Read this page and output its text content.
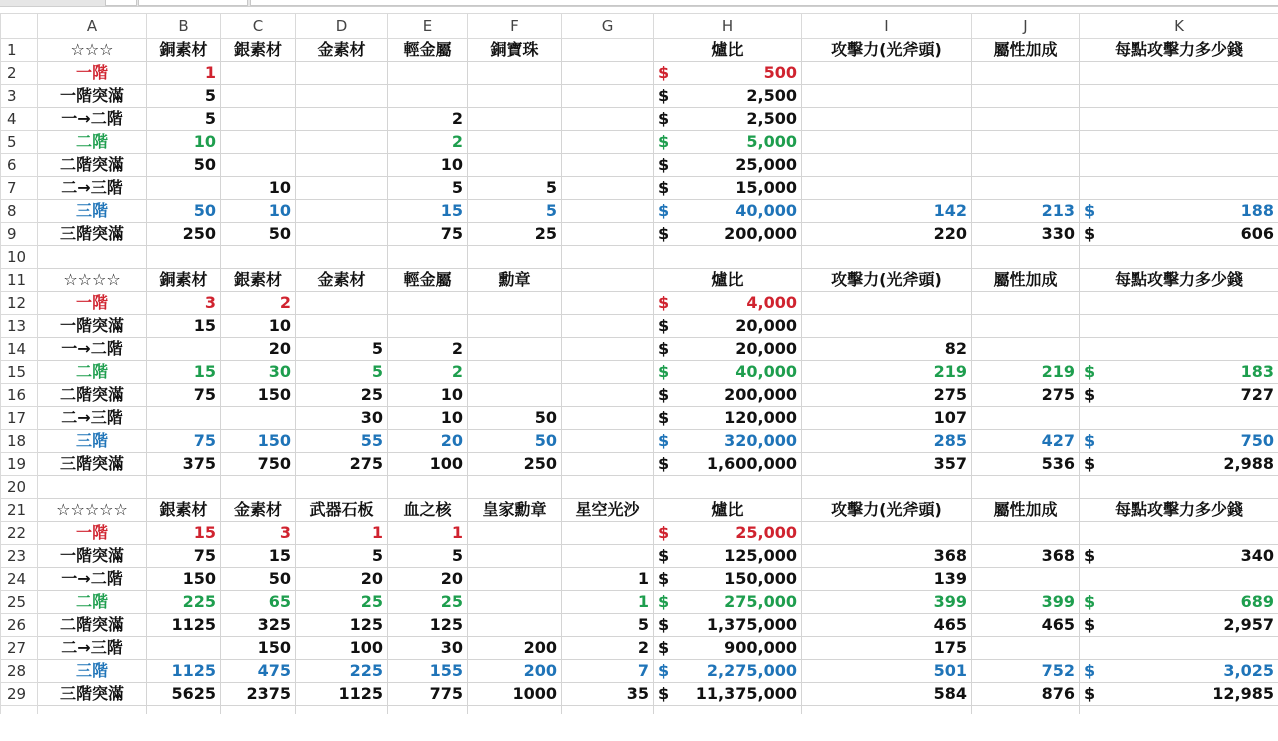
	A	B	C	D	E	F	G	H	I	J	K
1	☆☆☆	銅素材	銀素材	金素材	輕金屬	銅寶珠		爐比	攻擊力(光斧頭)	屬性加成	每點攻擊力多少錢
2	一階	1						$ 500			

3	一階突滿	5						$ 2,500			

4	一→二階	5			2			$ 2,500			

5	二階	10			2			$ 5,000			

6	二階突滿	50			10			$ 25,000			

7	二→三階		10		5	5		$ 15,000			

8	三階	50	10		15	5		$ 40,000	142	213	$ 188

9	三階突滿	250	50		75	25		$ 200,000	220	330	$ 606

10											
11	☆☆☆☆	銅素材	銀素材	金素材	輕金屬	勳章		爐比	攻擊力(光斧頭)	屬性加成	每點攻擊力多少錢
12	一階	3	2					$ 4,000			

13	一階突滿	15	10					$ 20,000			

14	一→二階		20	5	2			$ 20,000	82		
15	二階	15	30	5	2			$ 40,000	219	219	$ 183

16	二階突滿	75	150	25	10			$ 200,000	275	275	$ 727

17	二→三階			30	10	50		$ 120,000	107		
18	三階	75	150	55	20	50		$ 320,000	285	427	$ 750

19	三階突滿	375	750	275	100	250		$ 1,600,000	357	536	$ 2,988

20											
21	☆☆☆☆☆	銀素材	金素材	武器石板	血之核	皇家勳章	星空光沙	爐比	攻擊力(光斧頭)	屬性加成	每點攻擊力多少錢
22	一階	15	3	1	1			$ 25,000			

23	一階突滿	75	15	5	5			$ 125,000	368	368	$ 340

24	一→二階	150	50	20	20		1	$ 150,000	139		
25	二階	225	65	25	25		1	$ 275,000	399	399	$ 689

26	二階突滿	1125	325	125	125		5	$ 1,375,000	465	465	$ 2,957

27	二→三階		150	100	30	200	2	$ 900,000	175		
28	三階	1125	475	225	155	200	7	$ 2,275,000	501	752	$ 3,025

29	三階突滿	5625	2375	1125	775	1000	35	$ 11,375,000	584	876	$ 12,985
